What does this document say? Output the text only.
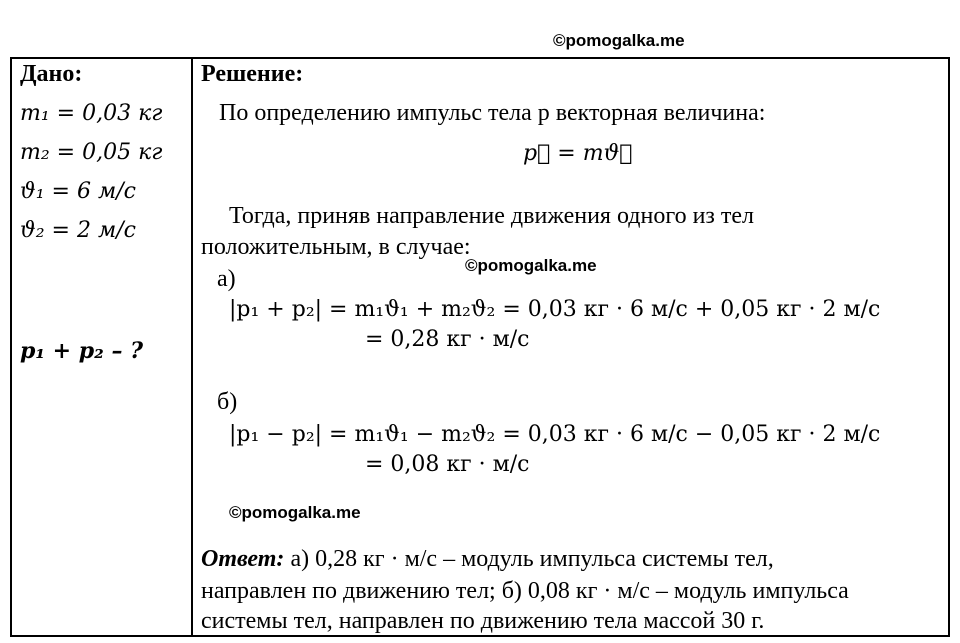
©pomogalka.me
©pomogalka.me
©pomogalka.me
Дано:
m₁ = 0,03 кг
m₂ = 0,05 кг
ϑ₁ = 6 м/с
ϑ₂ = 2 м/с
p₁ + p₂ – ?
Решение:
По определению импульс тела p векторная величина:
p⃗ = mϑ⃗
Тогда, приняв направление движения одного из тел
положительным, в случае:
а)
|p₁ + p₂| = m₁ϑ₁ + m₂ϑ₂ = 0,03 кг · 6 м/с + 0,05 кг · 2 м/с
= 0,28 кг · м/с
б)
|p₁ − p₂| = m₁ϑ₁ − m₂ϑ₂ = 0,03 кг · 6 м/с − 0,05 кг · 2 м/с
= 0,08 кг · м/с
Ответ: а) 0,28 кг · м/с – модуль импульса системы тел,
направлен по движению тел; б) 0,08 кг · м/с – модуль импульса
системы тел, направлен по движению тела массой 30 г.
